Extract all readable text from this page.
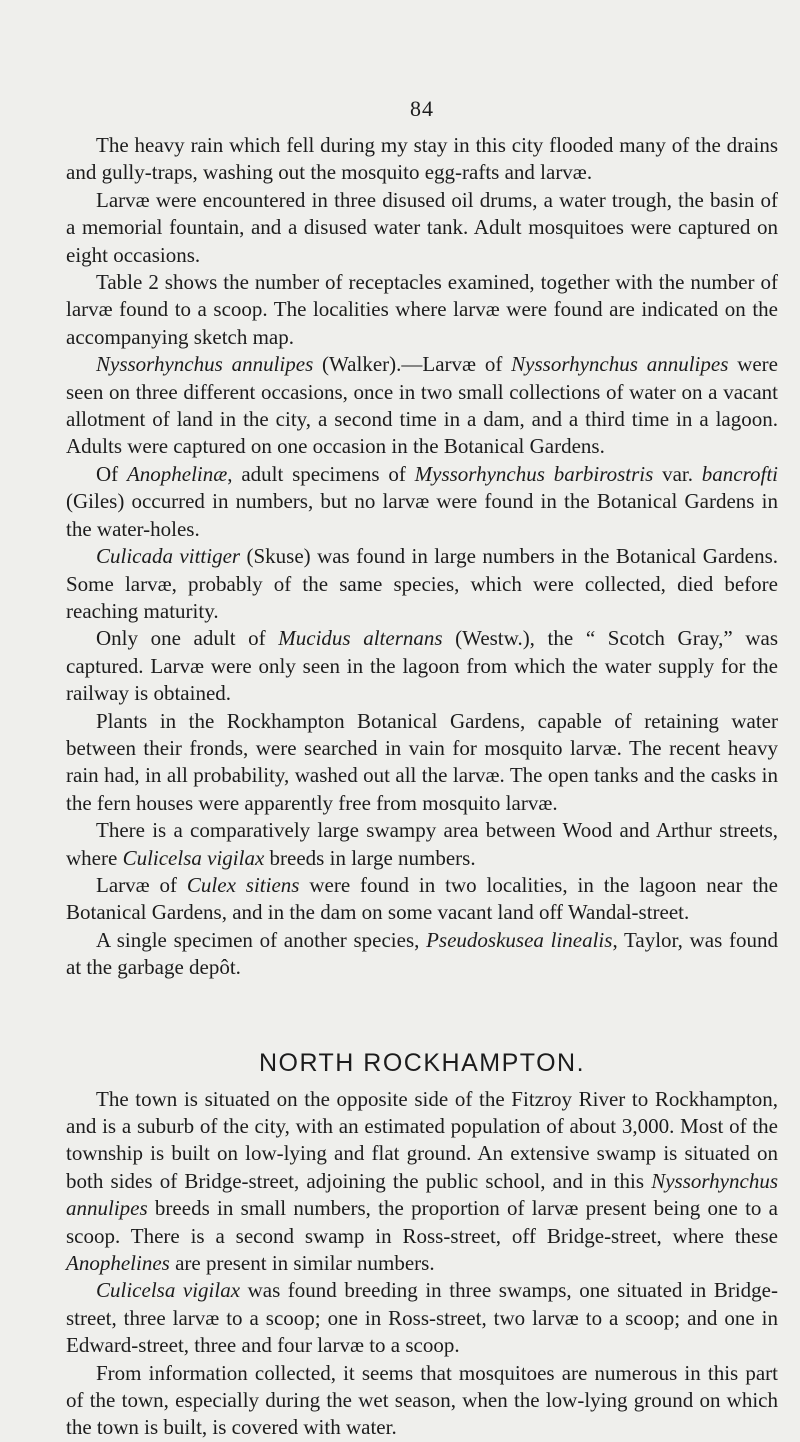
84

The heavy rain which fell during my stay in this city flooded many of the drains and gully-traps, washing out the mosquito egg-rafts and larvæ.

Larvæ were encountered in three disused oil drums, a water trough, the basin of a memorial fountain, and a disused water tank. Adult mosquitoes were captured on eight occasions.

Table 2 shows the number of receptacles examined, together with the number of larvæ found to a scoop. The localities where larvæ were found are indicated on the accompanying sketch map.

Nyssorhynchus annulipes (Walker).—Larvæ of Nyssorhynchus annulipes were seen on three different occasions, once in two small collections of water on a vacant allotment of land in the city, a second time in a dam, and a third time in a lagoon. Adults were captured on one occasion in the Botanical Gardens.

Of Anophelinæ, adult specimens of Myssorhynchus barbirostris var. bancrofti (Giles) occurred in numbers, but no larvæ were found in the Botanical Gardens in the water-holes.

Culicada vittiger (Skuse) was found in large numbers in the Botanical Gardens. Some larvæ, probably of the same species, which were collected, died before reaching maturity.

Only one adult of Mucidus alternans (Westw.), the “ Scotch Gray,” was captured. Larvæ were only seen in the lagoon from which the water supply for the railway is obtained.

Plants in the Rockhampton Botanical Gardens, capable of retaining water between their fronds, were searched in vain for mosquito larvæ. The recent heavy rain had, in all probability, washed out all the larvæ. The open tanks and the casks in the fern houses were apparently free from mosquito larvæ.

There is a comparatively large swampy area between Wood and Arthur streets, where Culicelsa vigilax breeds in large numbers.

Larvæ of Culex sitiens were found in two localities, in the lagoon near the Botanical Gardens, and in the dam on some vacant land off Wandal-street.

A single specimen of another species, Pseudoskusea linealis, Taylor, was found at the garbage depôt.

NORTH ROCKHAMPTON.

The town is situated on the opposite side of the Fitzroy River to Rockhampton, and is a suburb of the city, with an estimated population of about 3,000. Most of the township is built on low-lying and flat ground. An extensive swamp is situated on both sides of Bridge-street, adjoining the public school, and in this Nyssorhynchus annulipes breeds in small numbers, the proportion of larvæ present being one to a scoop. There is a second swamp in Ross-street, off Bridge-street, where these Anophelines are present in similar numbers.

Culicelsa vigilax was found breeding in three swamps, one situated in Bridge-street, three larvæ to a scoop; one in Ross-street, two larvæ to a scoop; and one in Edward-street, three and four larvæ to a scoop.

From information collected, it seems that mosquitoes are numerous in this part of the town, especially during the wet season, when the low-lying ground on which the town is built, is covered with water.
